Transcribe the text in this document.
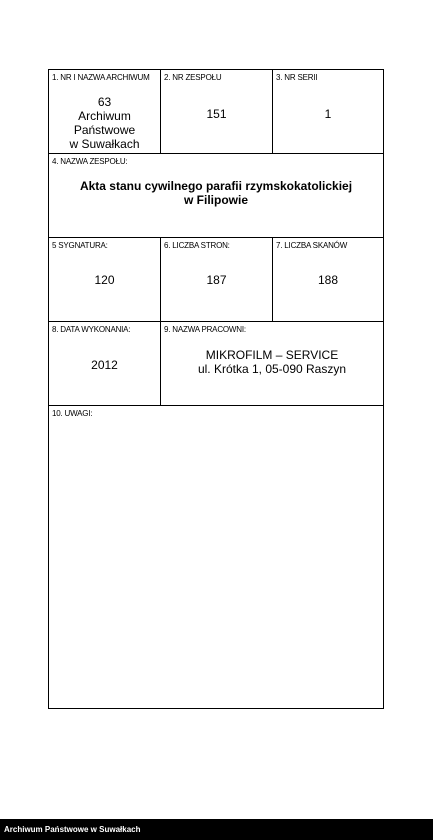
1. NR I NAZWA ARCHIWUM
63
Archiwum Państwowe
w Suwałkach
2. NR ZESPOŁU
151
3. NR SERII
1
4. NAZWA ZESPOŁU:
Akta stanu cywilnego parafii rzymskokatolickiej
w Filipowie
5 SYGNATURA:
120
6. LICZBA STRON:
187
7. LICZBA SKANÓW
188
8. DATA WYKONANIA:
2012
9. NAZWA PRACOWNI:
MIKROFILM – SERVICE
ul. Krótka 1, 05-090 Raszyn
10. UWAGI:
Archiwum Państwowe w Suwałkach
